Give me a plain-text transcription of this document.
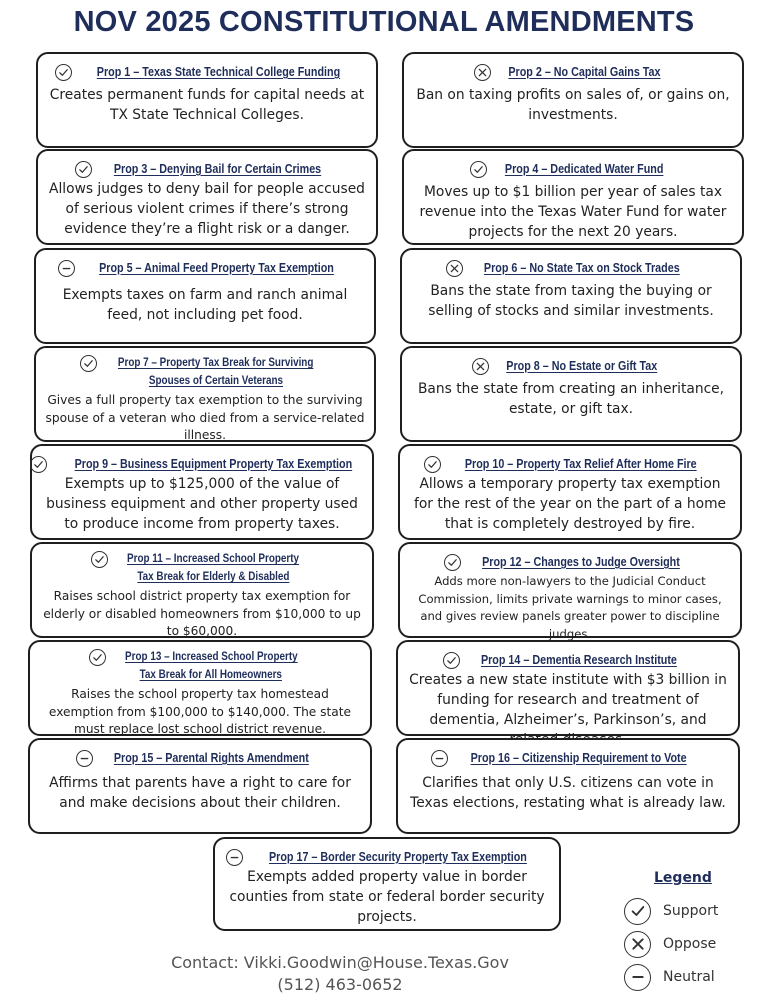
NOV 2025 CONSTITUTIONAL AMENDMENTS
Prop 1 – Texas State Technical College Funding
Creates permanent funds for capital needs at TX State Technical Colleges.
Prop 2 – No Capital Gains Tax
Ban on taxing profits on sales of, or gains on, investments.
Prop 3 – Denying Bail for Certain Crimes
Allows judges to deny bail for people accused of serious violent crimes if there’s strong evidence they’re a flight risk or a danger.
Prop 4 – Dedicated Water Fund
Moves up to $1 billion per year of sales tax revenue into the Texas Water Fund for water projects for the next 20 years.
Prop 5 – Animal Feed Property Tax Exemption
Exempts taxes on farm and ranch animal feed, not including pet food.
Prop 6 – No State Tax on Stock Trades
Bans the state from taxing the buying or selling of stocks and similar investments.
Prop 7 – Property Tax Break for Surviving
Spouses of Certain Veterans
Gives a full property tax exemption to the surviving spouse of a veteran who died from a service-related illness.
Prop 8 – No Estate or Gift Tax
Bans the state from creating an inheritance, estate, or gift tax.
Prop 9 – Business Equipment Property Tax Exemption
Exempts up to $125,000 of the value of business equipment and other property used to produce income from property taxes.
Prop 10 – Property Tax Relief After Home Fire
Allows a temporary property tax exemption for the rest of the year on the part of a home that is completely destroyed by fire.
Prop 11 – Increased School Property
Tax Break for Elderly & Disabled
Raises school district property tax exemption for elderly or disabled homeowners from $10,000 to up to $60,000.
Prop 12 – Changes to Judge Oversight
Adds more non-lawyers to the Judicial Conduct Commission, limits private warnings to minor cases, and gives review panels greater power to discipline judges.
Prop 13 – Increased School Property
Tax Break for All Homeowners
Raises the school property tax homestead exemption from $100,000 to $140,000. The state must replace lost school district revenue.
Prop 14 – Dementia Research Institute
Creates a new state institute with $3 billion in funding for research and treatment of dementia, Alzheimer’s, Parkinson’s, and
Prop 15 – Parental Rights Amendment
Affirms that parents have a right to care for and make decisions about their children.
Prop 16 – Citizenship Requirement to Vote
Clarifies that only U.S. citizens can vote in Texas elections, restating what is already law.
Prop 17 – Border Security Property Tax Exemption
Exempts added property value in border counties from state or federal border security projects.
Legend
Support
Oppose
Neutral
Contact: Vikki.Goodwin@House.Texas.Gov
(512) 463-0652
